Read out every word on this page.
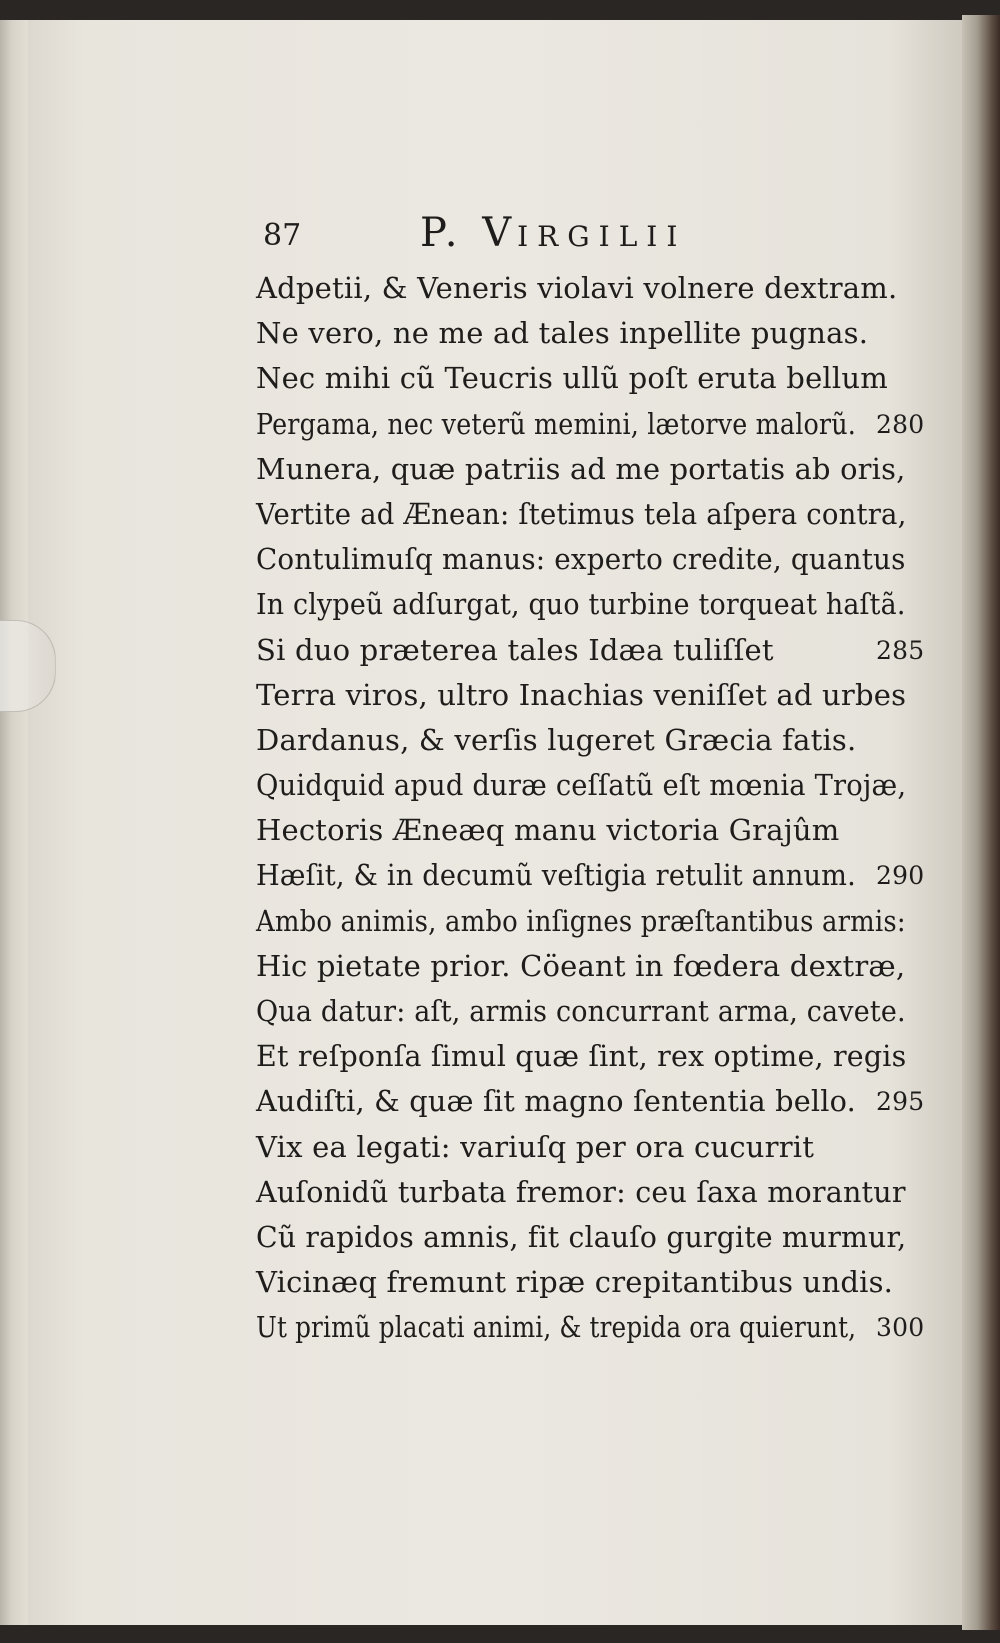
87	P. VIRGILII
Adpetii, & Veneris violavi volnere dextram.
Ne vero, ne me ad tales inpellite pugnas.
Nec mihi cũ Teucris ullũ poſt eruta bellum
Pergama, nec veterũ memini, lætorve malorũ. 280
Munera, quæ patriis ad me portatis ab oris,
Vertite ad Ænean: ſtetimus tela aſpera contra,
Contulimuſq manus: experto credite, quantus
In clypeũ adſurgat, quo turbine torqueat haſtã.
Si duo præterea tales Idæa tuliſſet	285
Terra viros, ultro Inachias veniſſet ad urbes
Dardanus, & verſis lugeret Græcia fatis.
Quidquid apud duræ ceſſatũ eſt mœnia Trojæ,
Hectoris Æneæq manu victoria Grajûm
Hæſit, & in decumũ veſtigia retulit annum. 290
Ambo animis, ambo inſignes præſtantibus armis:
Hic pietate prior. Cöeant in fœdera dextræ,
Qua datur: aſt, armis concurrant arma, cavete.
Et reſponſa ſimul quæ ſint, rex optime, regis
Audiſti, & quæ ſit magno ſententia bello. 295
Vix ea legati: variuſq per ora cucurrit
Auſonidũ turbata fremor: ceu ſaxa morantur
Cũ rapidos amnis, fit clauſo gurgite murmur,
Vicinæq fremunt ripæ crepitantibus undis.
Ut primũ placati animi, & trepida ora quierunt, 300
